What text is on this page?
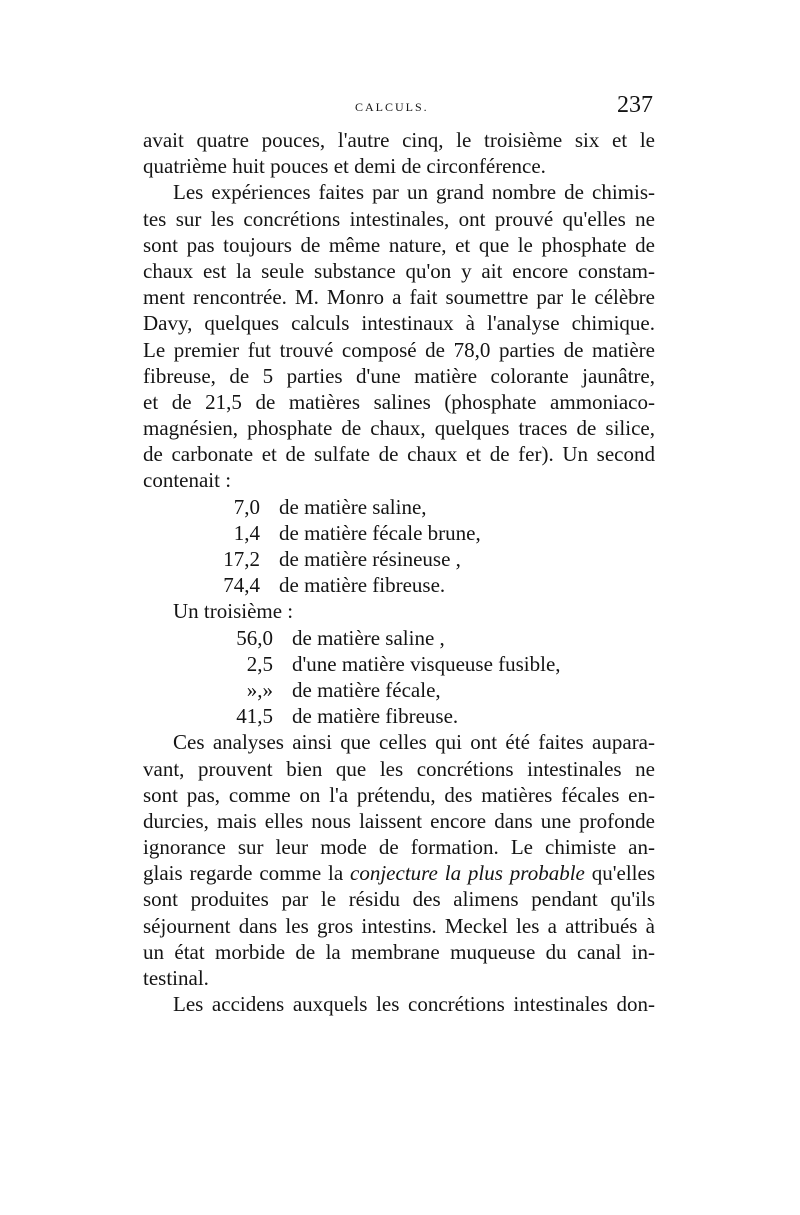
CALCULS.	237
avait quatre pouces, l'autre cinq, le troisième six et le
quatrième huit pouces et demi de circonférence.
Les expériences faites par un grand nombre de chimis-
tes sur les concrétions intestinales, ont prouvé qu'elles ne
sont pas toujours de même nature, et que le phosphate de
chaux est la seule substance qu'on y ait encore constam-
ment rencontrée. M. Monro a fait soumettre par le célèbre
Davy, quelques calculs intestinaux à l'analyse chimique.
Le premier fut trouvé composé de 78,0 parties de matière
fibreuse, de 5 parties d'une matière colorante jaunâtre,
et de 21,5 de matières salines (phosphate ammoniaco-
magnésien, phosphate de chaux, quelques traces de silice,
de carbonate et de sulfate de chaux et de fer). Un second
contenait :
7,0 de matière saline,
1,4 de matière fécale brune,
17,2 de matière résineuse ,
74,4 de matière fibreuse.
Un troisième :
56,0 de matière saline ,
2,5 d'une matière visqueuse fusible,
»,» de matière fécale,
41,5 de matière fibreuse.
Ces analyses ainsi que celles qui ont été faites aupara-
vant, prouvent bien que les concrétions intestinales ne
sont pas, comme on l'a prétendu, des matières fécales en-
durcies, mais elles nous laissent encore dans une profonde
ignorance sur leur mode de formation. Le chimiste an-
glais regarde comme la conjecture la plus probable qu'elles
sont produites par le résidu des alimens pendant qu'ils
séjournent dans les gros intestins. Meckel les a attribués à
un état morbide de la membrane muqueuse du canal in-
testinal.
Les accidens auxquels les concrétions intestinales don-
